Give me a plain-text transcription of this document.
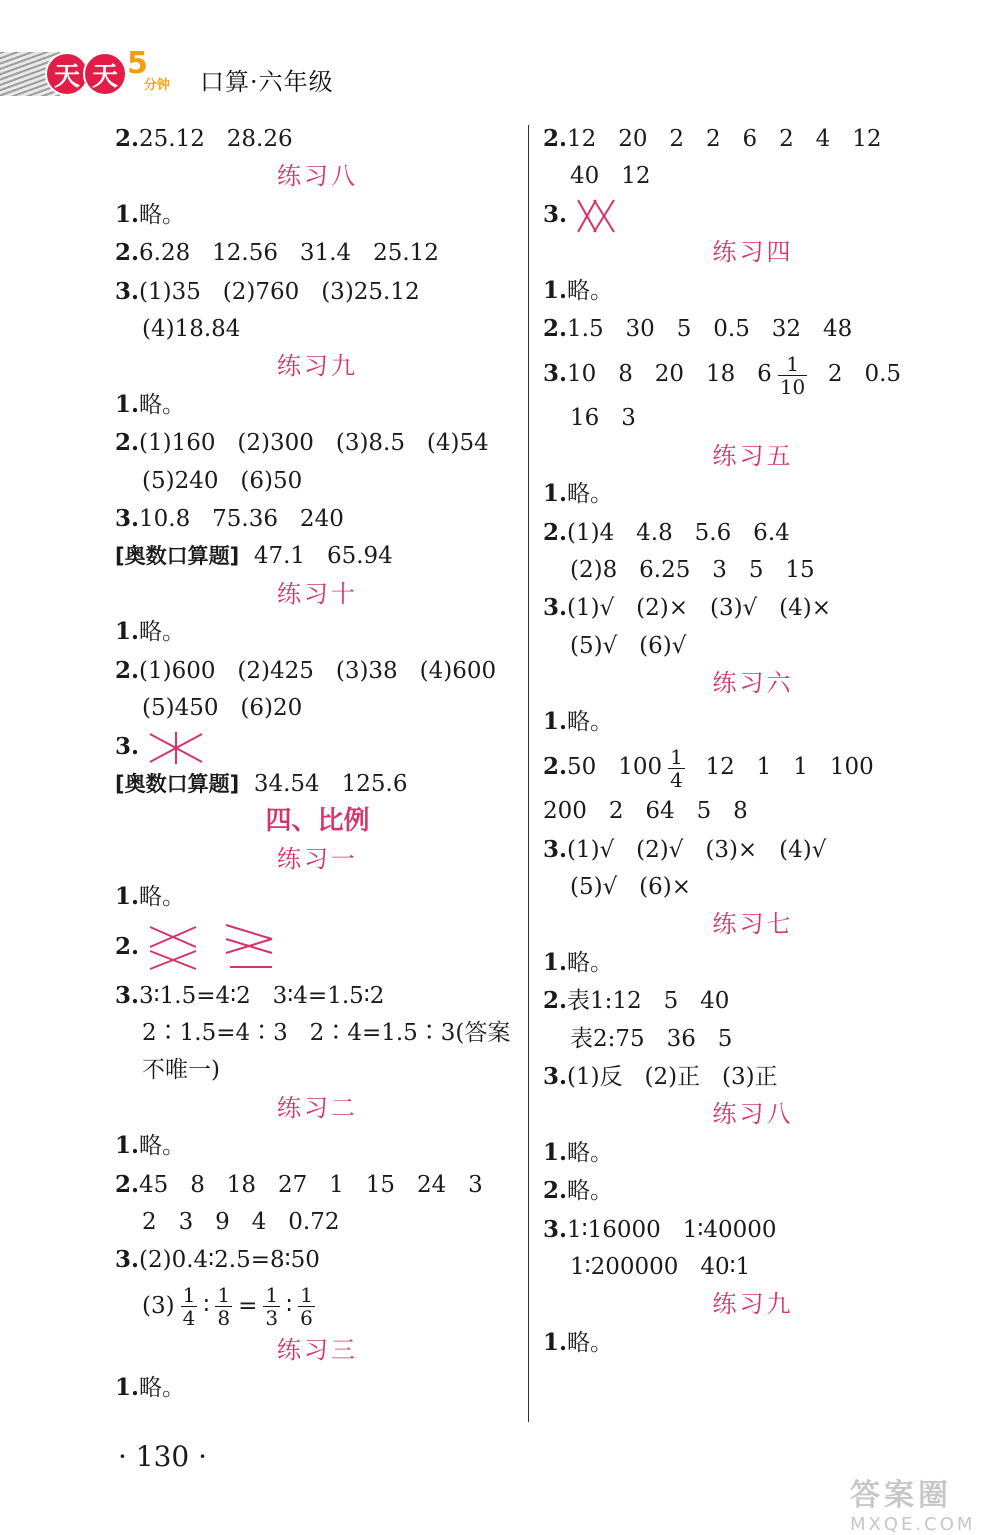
天 天 5
分钟 口算·六年级
2.25.12   28.26
练习八
1.略。
2.6.28   12.56   31.4   25.12
3.(1)35   (2)760   (3)25.12
(4)18.84
练习九
1.略。
2.(1)160   (2)300   (3)8.5   (4)54
(5)240   (6)50
3.10.8   75.36   240
[奥数口算题]  47.1   65.94
练习十
1.略。
2.(1)600   (2)425   (3)38   (4)600
(5)450   (6)20
3.
[奥数口算题]  34.54   125.6
四、比例
练习一
1.略。
2.
3.3∶1.5=4∶2   3∶4=1.5∶2
2∶1.5=4∶3   2∶4=1.5∶3(答案
不唯一)
练习二
1.略。
2.45   8   18   27   1   15   24   3
2   3   9   4   0.72
3.(2)0.4∶2.5=8∶50
$(3) \frac{1}{4}$ ∶ $\frac{1}{8} = \frac{1}{3}$ ∶ $\frac{1}{6}$
练习三
1.略。
2.12   20   2   2   6   2   4   12
40   12
3.
练习四
1.略。
2.1.5   30   5   0.5   32   48
3.10   8   20   18   $6 \frac{1}{10} 2$   0.5
16   3
练习五
1.略。
2.(1)4   4.8   5.6   6.4
(2)8   6.25   3   5   15
3.(1)√   (2)×   (3)√   (4)×
(5)√   (6)√
练习六
1.略。
2.50   $100 \frac{1}{4} 12$   1   1   100
200   2   64   5   8
3.(1)√   (2)√   (3)×   (4)√
(5)√   (6)×
练习七
1.略。
2.表1:12   5   40
表2:75   36   5
3.(1)反   (2)正   (3)正
练习八
1.略。
2.略。
3.1∶16000   1∶40000
1∶200000   40∶1
练习九
1.略。
· 130 ·
答案圈
MXQE.COM
